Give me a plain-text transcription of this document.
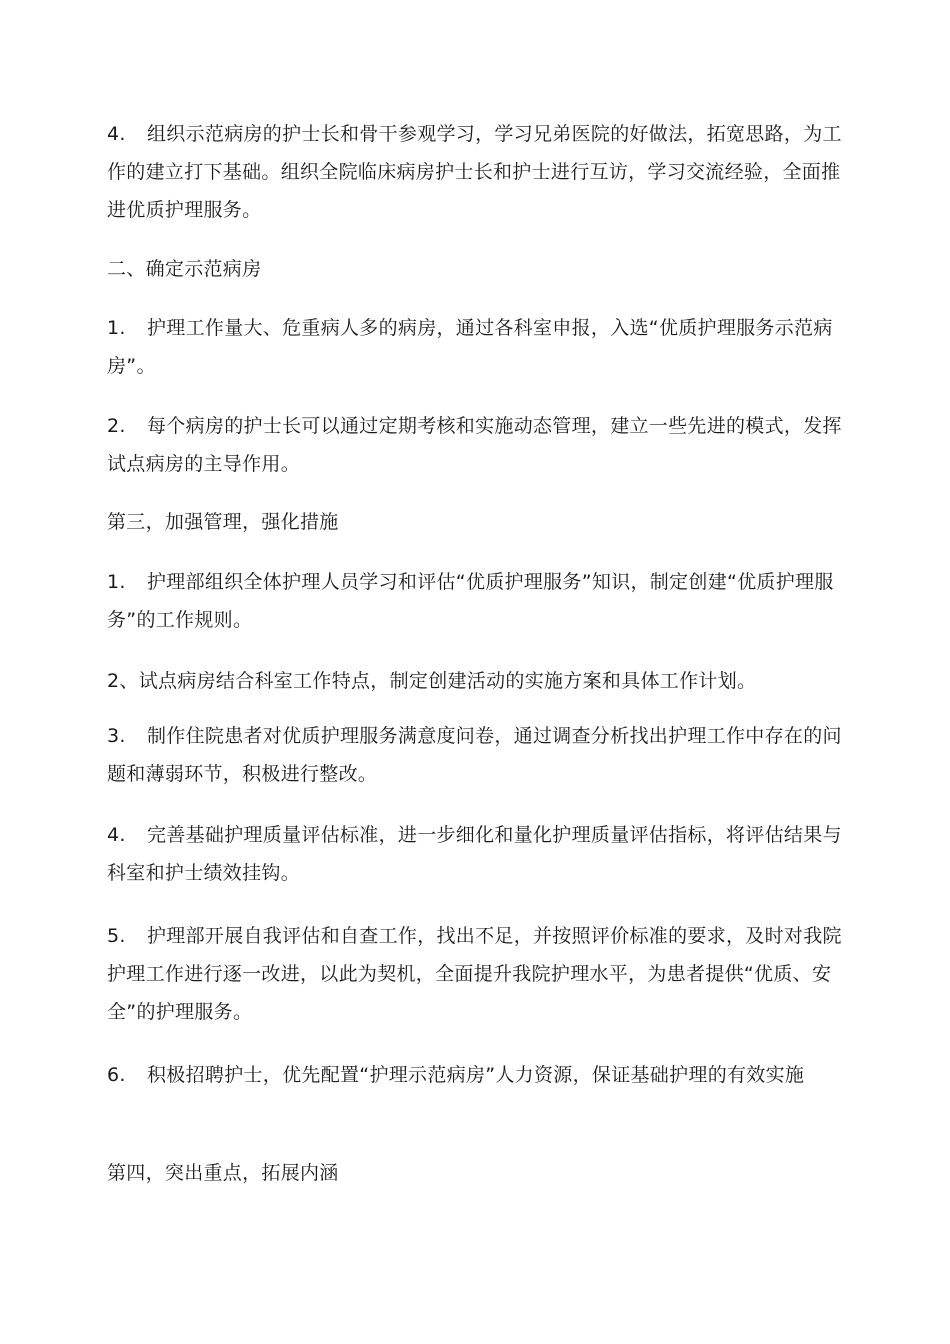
4. 组织示范病房的护士长和骨干参观学习，学习兄弟医院的好做法，拓宽思路，为工作的建立打下基础。组织全院临床病房护士长和护士进行互访，学习交流经验，全面推进优质护理服务。

二、确定示范病房

1. 护理工作量大、危重病人多的病房，通过各科室申报，入选“优质护理服务示范病房”。

2. 每个病房的护士长可以通过定期考核和实施动态管理，建立一些先进的模式，发挥试点病房的主导作用。

第三，加强管理，强化措施

1. 护理部组织全体护理人员学习和评估“优质护理服务”知识，制定创建“优质护理服务”的工作规则。

2、试点病房结合科室工作特点，制定创建活动的实施方案和具体工作计划。

3. 制作住院患者对优质护理服务满意度问卷，通过调查分析找出护理工作中存在的问题和薄弱环节，积极进行整改。

4. 完善基础护理质量评估标准，进一步细化和量化护理质量评估指标，将评估结果与科室和护士绩效挂钩。

5. 护理部开展自我评估和自查工作，找出不足，并按照评价标准的要求，及时对我院护理工作进行逐一改进，以此为契机，全面提升我院护理水平，为患者提供“优质、安全”的护理服务。

6. 积极招聘护士，优先配置“护理示范病房”人力资源，保证基础护理的有效实施

第四，突出重点，拓展内涵
